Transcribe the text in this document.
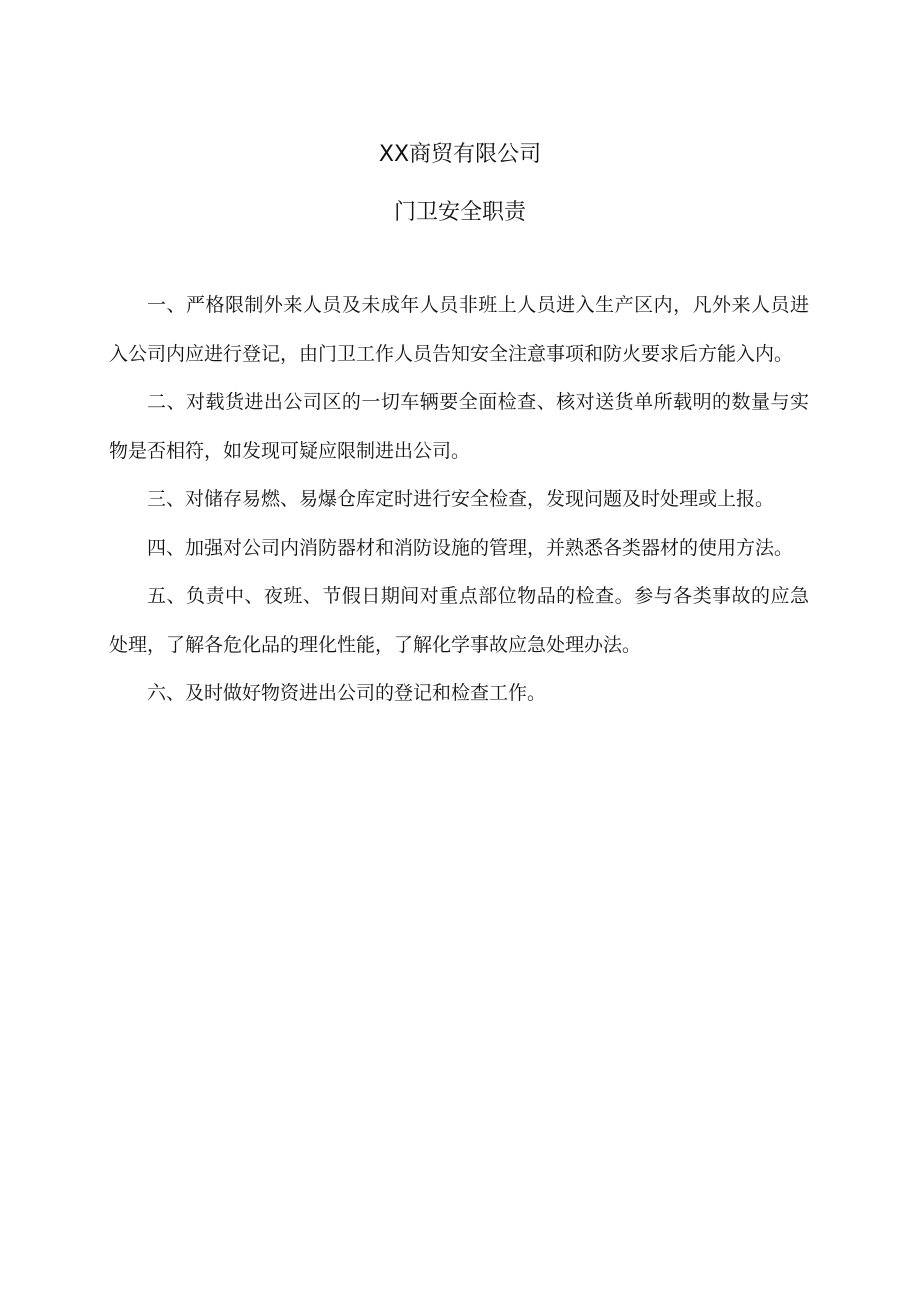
XX商贸有限公司
门卫安全职责

一、严格限制外来人员及未成年人员非班上人员进入生产区内，凡外来人员进入公司内应进行登记，由门卫工作人员告知安全注意事项和防火要求后方能入内。

二、对载货进出公司区的一切车辆要全面检查、核对送货单所载明的数量与实物是否相符，如发现可疑应限制进出公司。

三、对储存易燃、易爆仓库定时进行安全检查，发现问题及时处理或上报。

四、加强对公司内消防器材和消防设施的管理，并熟悉各类器材的使用方法。

五、负责中、夜班、节假日期间对重点部位物品的检查。参与各类事故的应急处理，了解各危化品的理化性能，了解化学事故应急处理办法。

六、及时做好物资进出公司的登记和检查工作。
